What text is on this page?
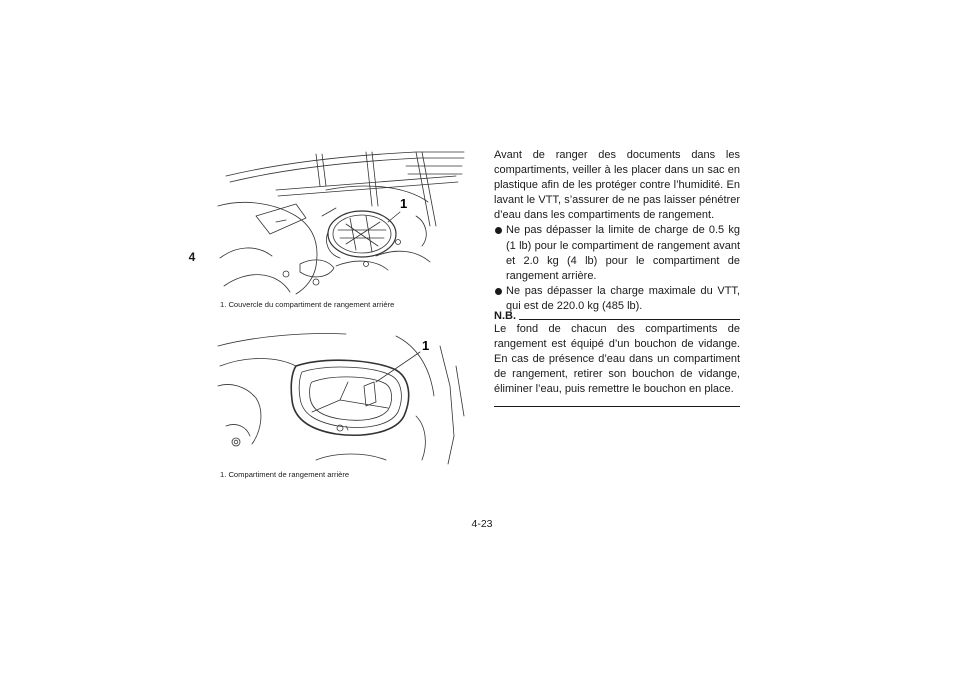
4
1
1. Couvercle du compartiment de rangement arrière
1
1. Compartiment de rangement arrière

Avant de ranger des documents dans les compartiments, veiller à les placer dans un sac en plastique afin de les protéger contre l’humidité. En lavant le VTT, s’assurer de ne pas laisser pénétrer d’eau dans les compartiments de rangement.

Ne pas dépasser la limite de charge de 0.5 kg (1 lb) pour le compartiment de rangement avant et 2.0 kg (4 lb) pour le compartiment de rangement arrière.
Ne pas dépasser la charge maximale du VTT, qui est de 220.0 kg (485 lb).
N.B.

Le fond de chacun des compartiments de rangement est équipé d’un bouchon de vidange. En cas de présence d’eau dans un compartiment de rangement, retirer son bouchon de vidange, éliminer l’eau, puis remettre le bouchon en place.

4-23
